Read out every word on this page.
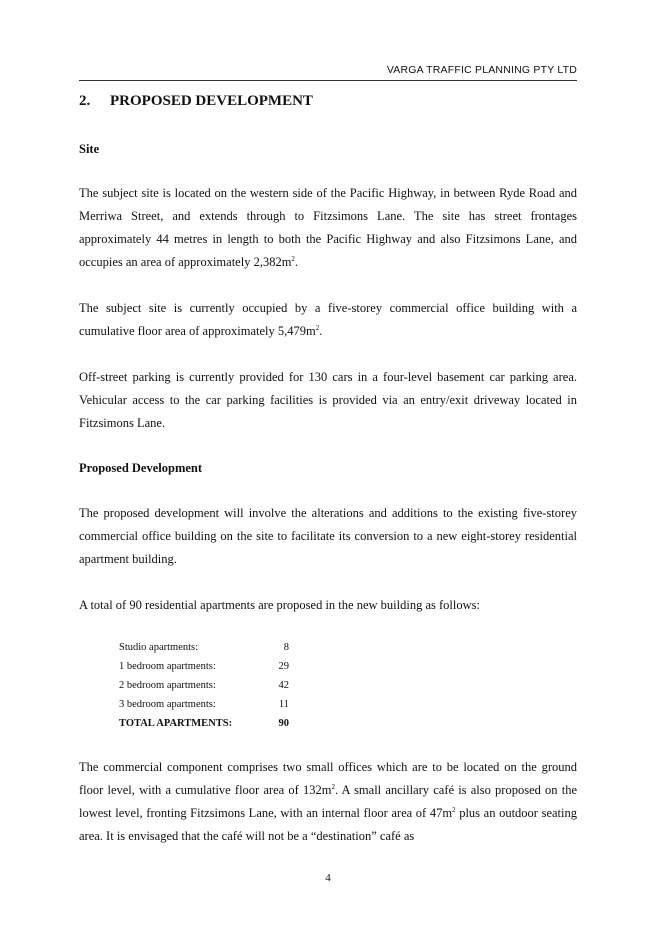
VARGA TRAFFIC PLANNING PTY LTD
2. PROPOSED DEVELOPMENT
Site

The subject site is located on the western side of the Pacific Highway, in between Ryde Road and Merriwa Street, and extends through to Fitzsimons Lane. The site has street frontages approximately 44 metres in length to both the Pacific Highway and also Fitzsimons Lane, and occupies an area of approximately $2,382m^2$.

The subject site is currently occupied by a five-storey commercial office building with a cumulative floor area of approximately $5,479m^2$.

Off-street parking is currently provided for 130 cars in a four-level basement car parking area. Vehicular access to the car parking facilities is provided via an entry/exit driveway located in Fitzsimons Lane.

Proposed Development

The proposed development will involve the alterations and additions to the existing five-storey commercial office building on the site to facilitate its conversion to a new eight-storey residential apartment building.

A total of 90 residential apartments are proposed in the new building as follows:

Studio apartments:	8
1 bedroom apartments:	29
2 bedroom apartments:	42
3 bedroom apartments:	11
TOTAL APARTMENTS:	90

The commercial component comprises two small offices which are to be located on the ground floor level, with a cumulative floor area of $132m^2$. A small ancillary café is also proposed on the lowest level, fronting Fitzsimons Lane, with an internal floor area of $47m^2$ plus an outdoor seating area. It is envisaged that the café will not be a “destination” café as

4
